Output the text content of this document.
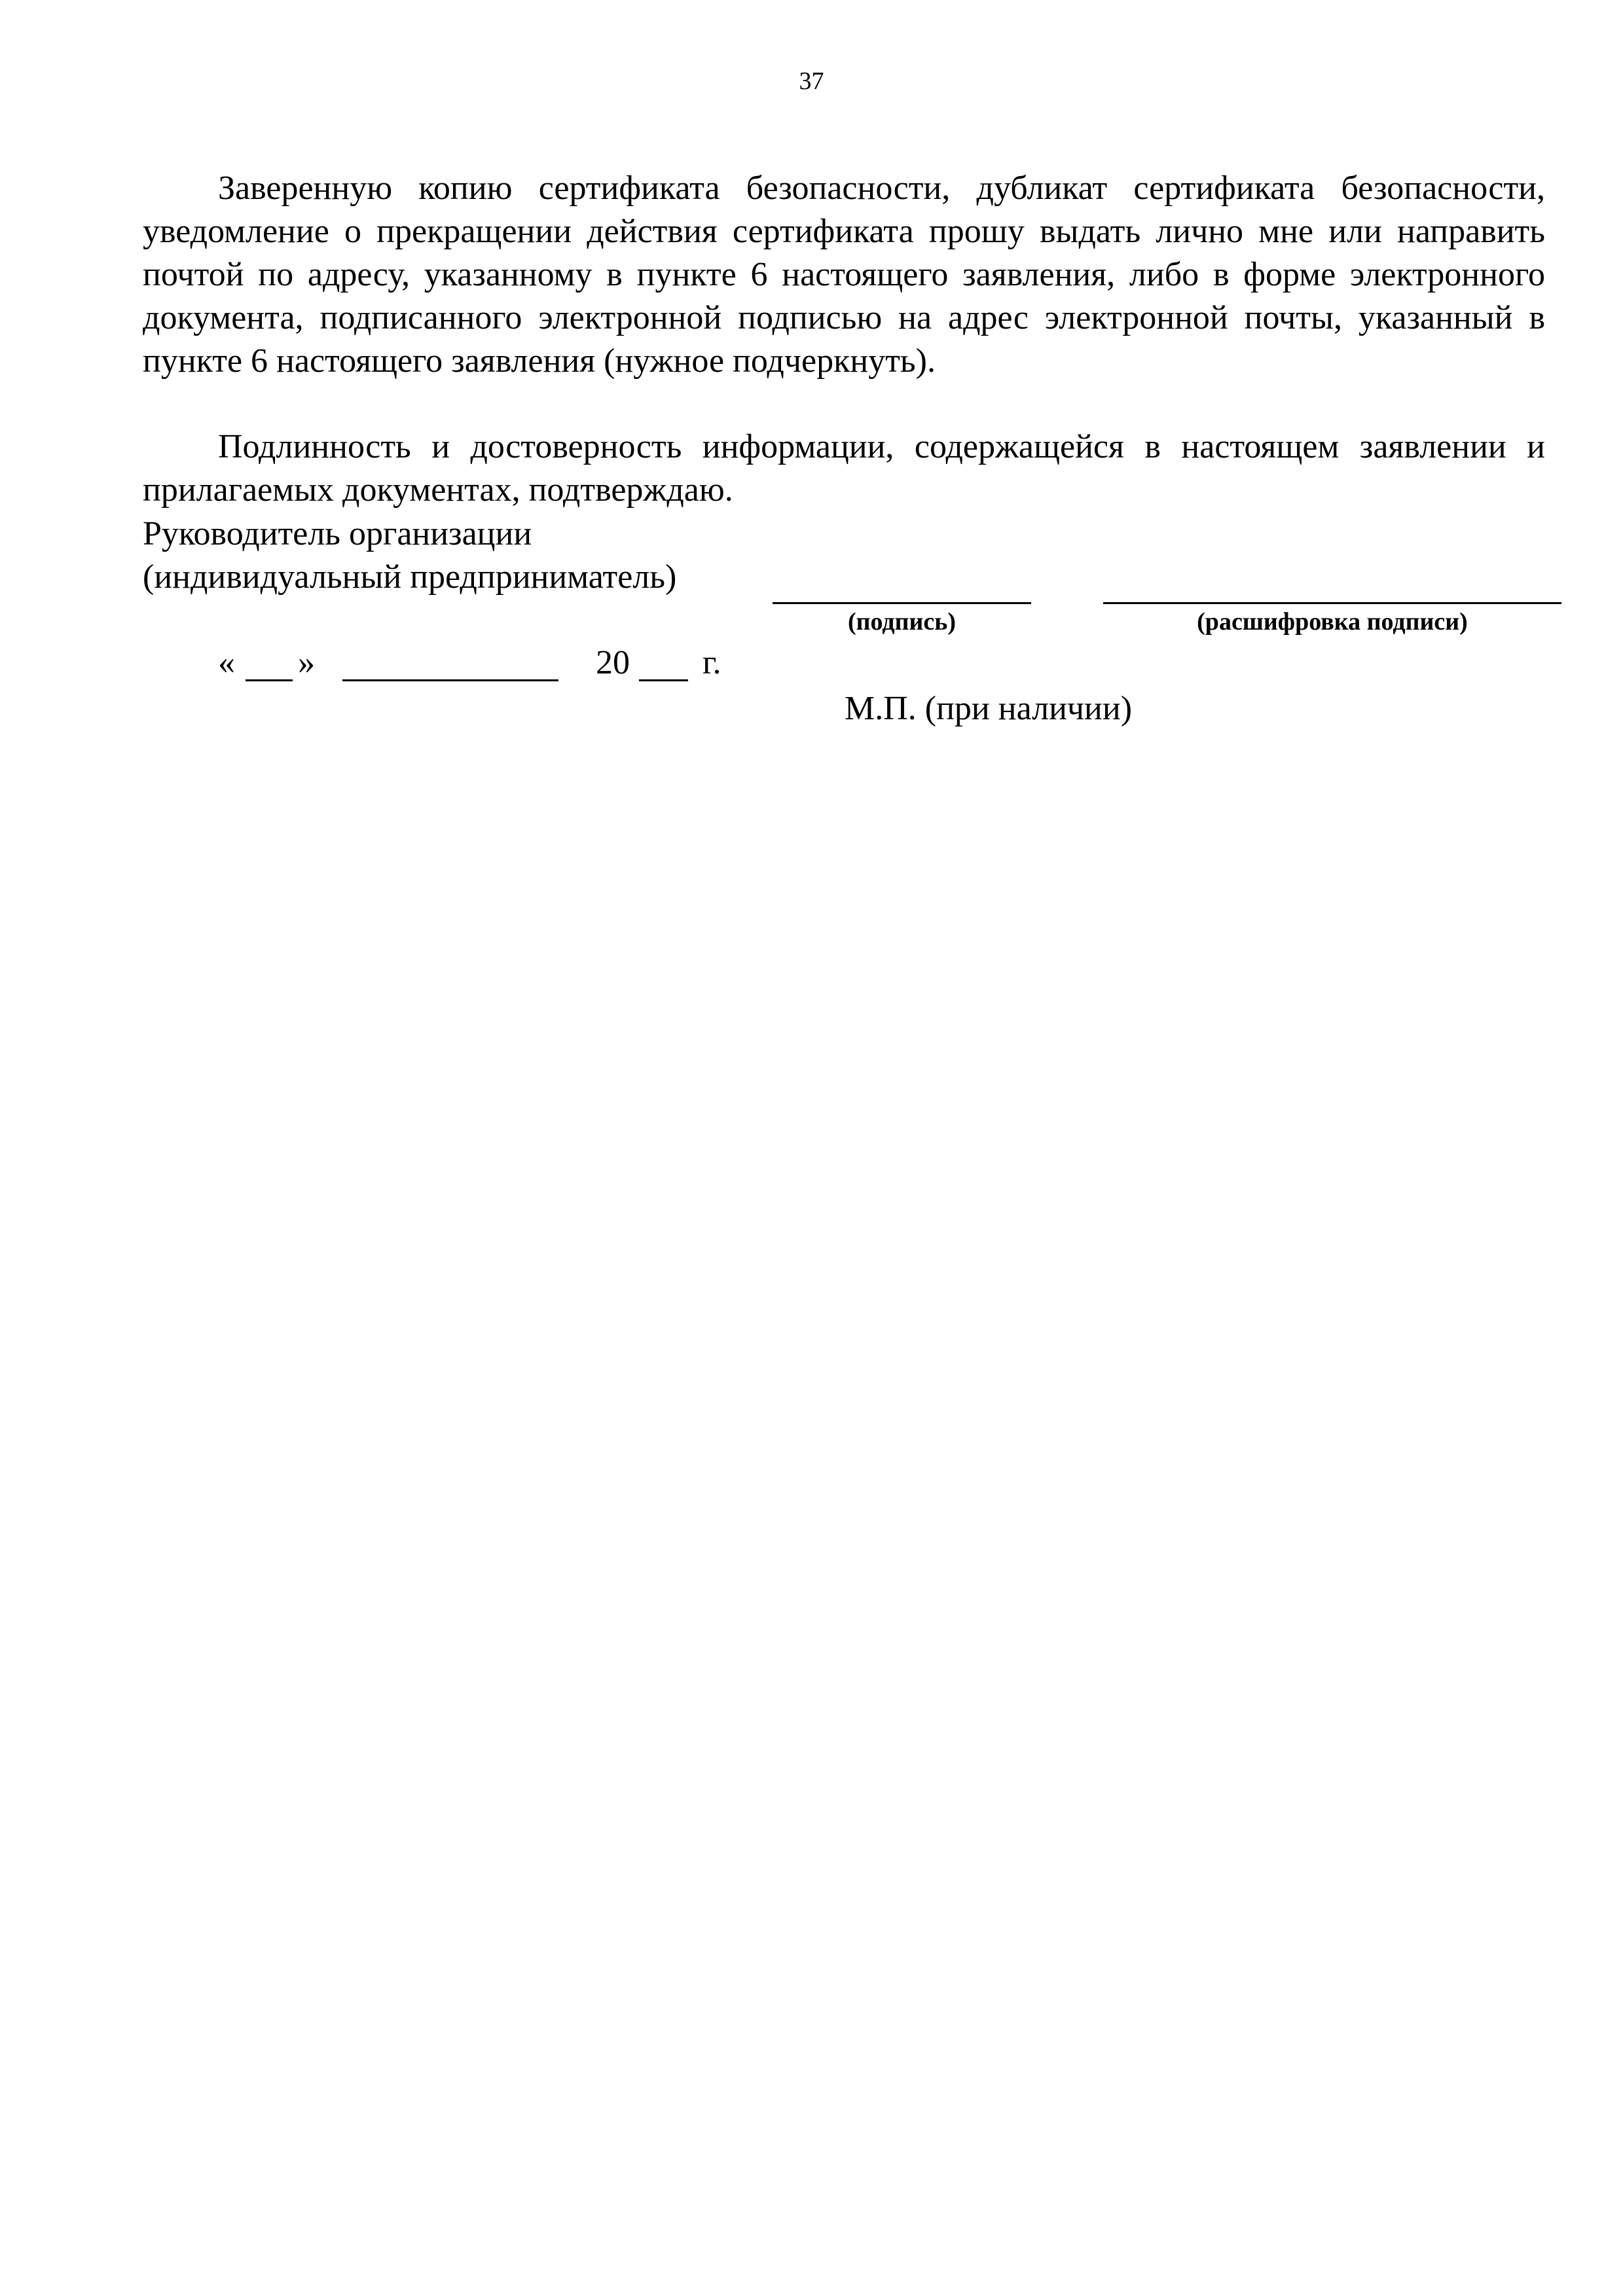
37
Заверенную копию сертификата безопасности, дубликат сертификата безопасности, уведомление о прекращении действия сертификата прошу выдать лично мне или направить почтой по адресу, указанному в пункте 6 настоящего заявления, либо в форме электронного документа, подписанного электронной подписью на адрес электронной почты, указанный в пункте 6 настоящего заявления (нужное подчеркнуть).
Подлинность и достоверность информации, содержащейся в настоящем заявлении и прилагаемых документах, подтверждаю.
Руководитель организации
(индивидуальный предприниматель)
(подпись)	(расшифровка подписи)
« »	20 г.
М.П. (при наличии)
